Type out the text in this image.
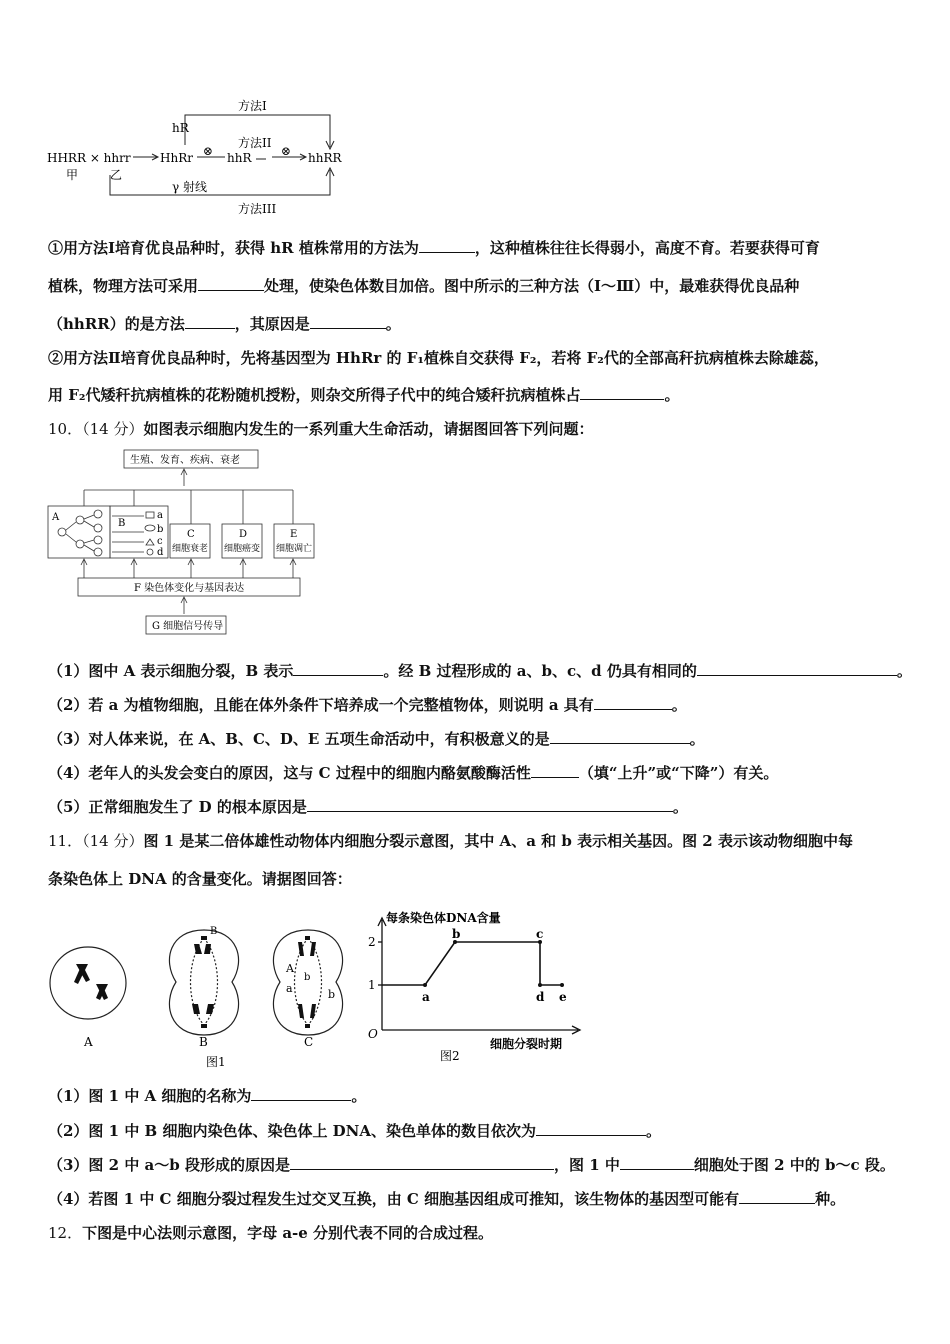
方法I
hR
方法II
HHRR × hhrr HhRr ⊗ hhR ⊗ hhRR
甲	乙
γ 射线
方法III
①用方法Ⅰ培育优良品种时，获得 hR 植株常用的方法为	，这种植株往往长得弱小，高度不育。若要获得可育
植株，物理方法可采用	处理，使染色体数目加倍。图中所示的三种方法（Ⅰ～Ⅲ）中，最难获得优良品种
（hhRR）的是方法	，其原因是	。
②用方法Ⅱ培育优良品种时，先将基因型为 HhRr 的 F₁植株自交获得 F₂，若将 F₂代的全部高秆抗病植株去除雄蕊，
用 F₂代矮秆抗病植株的花粉随机授粉，则杂交所得子代中的纯合矮秆抗病植株占	。
10．（14 分）如图表示细胞内发生的一系列重大生命活动，请据图回答下列问题：
生殖、发育、疾病、衰老
A
B
a
b
c
d
C
细胞衰老
D
细胞癌变
E
细胞凋亡
F 染色体变化与基因表达
G 细胞信号传导
（1）图中 A 表示细胞分裂，B 表示	。经 B 过程形成的 a、b、c、d 仍具有相同的	。
（2）若 a 为植物细胞，且能在体外条件下培养成一个完整植物体，则说明 a 具有	。
（3）对人体来说，在 A、B、C、D、E 五项生命活动中，有积极意义的是	。
（4）老年人的头发会变白的原因，这与 C 过程中的细胞内酪氨酸酶活性	（填“上升”或“下降”）有关。
（5）正常细胞发生了 D 的根本原因是	。
11．（14 分）图 1 是某二倍体雄性动物体内细胞分裂示意图，其中 A、a 和 b 表示相关基因。图 2 表示该动物细胞中每
条染色体上 DNA 的含量变化。请据图回答：
B
b
A
a	b
A	B	C
图1
每条染色体DNA含量
2
1
O
a
b	c
d e
细胞分裂时期
图2
（1）图 1 中 A 细胞的名称为	。
（2）图 1 中 B 细胞内染色体、染色体上 DNA、染色单体的数目依次为	。
（3）图 2 中 a～b 段形成的原因是	，图 1 中	细胞处于图 2 中的 b～c 段。
（4）若图 1 中 C 细胞分裂过程发生过交叉互换，由 C 细胞基因组成可推知，该生物体的基因型可能有	种。
12．下图是中心法则示意图，字母 a-e 分别代表不同的合成过程。
